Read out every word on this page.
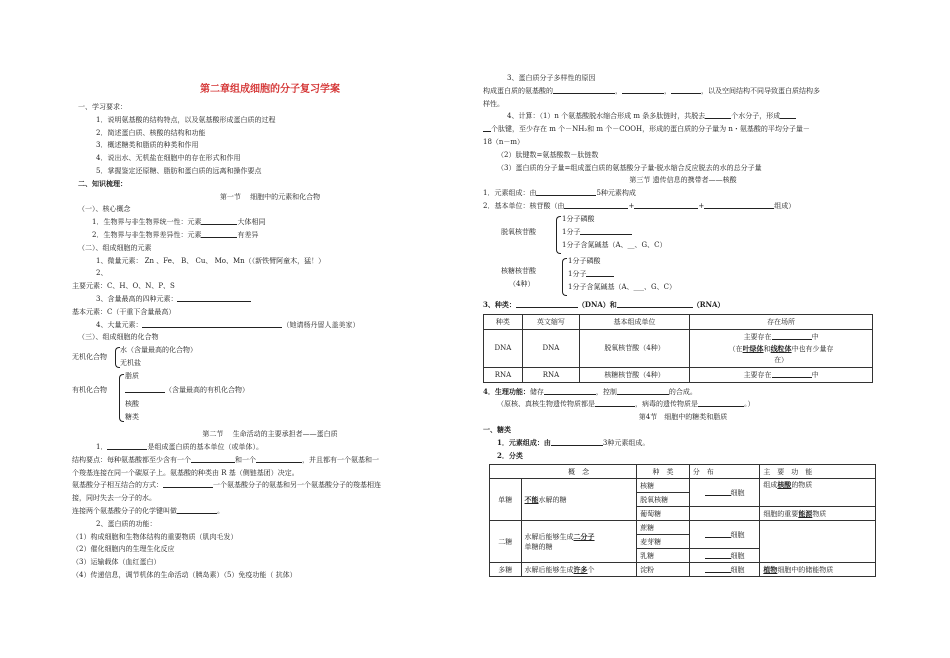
第二章组成细胞的分子复习学案
一、学习要求：
1．说明氨基酸的结构特点，以及氨基酸形成蛋白质的过程
2．简述蛋白质、核酸的结构和功能
3．概述糖类和脂质的种类和作用
4．说出水、无机盐在细胞中的存在形式和作用
5．掌握鉴定还原糖、脂肪和蛋白质的远离和操作要点
二、知识梳理：
第一节　 细胞中的元素和化合物
（一）、核心概念
1．生物界与非生物界统一性：元素	大体相同
2．生物界与非生物界差异性：元素	有差异
（二）、组成细胞的元素
1、微量元素： Zn 、Fe、 B、 Cu、 Mo、Mn（（新铁臂阿童木，猛！）
2、
主要元素：C、H、O、N、P、S
3、含量最高的四种元素：
基本元素：C（干重下含量最高）
4、大量元素：	（她请杨丹留人盖美家）
（三）、组成细胞的化合物
水（含量最高的化合物）
无机化合物
无机盐
脂质
有机化合物	（含量最高的有机化合物）
核酸
糖类
第二节　 生命活动的主要承担者——蛋白质
1．	是组成蛋白质的基本单位（或单体）。
结构要点：每种氨基酸都至少含有一个	和一个	，并且都有一个氨基和一
个羧基连接在同一个碳原子上。氨基酸的种类由 R 基（侧链基团）决定。
氨基酸分子相互结合的方式：	一个氨基酸分子的氨基和另一个氨基酸分子的羧基相连
接，同时失去一分子的水。
连接两个氨基酸分子的化学键叫做	。
2、蛋白质的功能：
（1）构成细胞和生物体结构的重要物质（肌肉毛发）
（2）催化细胞内的生理生化反应
（3）运输载体（血红蛋白）
（4）传递信息，调节机体的生命活动（胰岛素）（5）免疫功能（ 抗体）
3、蛋白质分子多样性的原因
构成蛋白质的氨基酸的	，	，	，以及空间结构不同导致蛋白质结构多
样性。
4、计算：（1）n 个氨基酸脱水缩合形成 m 条多肽链时，共脱去	个水分子，形成
个肽键，至少存在 m 个－NH₂和 m 个－COOH，形成的蛋白质的分子量为 n・氨基酸的平均分子量－
18（n－m）
（2）肽键数=氨基酸数－肽链数
（3）蛋白质的分子量=组成蛋白质的氨基酸分子量-脱水缩合反应脱去的水的总分子量
第三节 遗传信息的携带者——核酸
1．元素组成：由	5种元素构成
2．基本单位：核苷酸（由	+	+	组成）
1分子磷酸
脱氧核苷酸	1分子
1分子含氮碱基（A、__、G、C）
1分子磷酸
核糖核苷酸	1分子
（4种）	1分子含氮碱基（A、___、G、C）
3、种类：	（DNA）和	（RNA）
种类	英文缩写	基本组成单位	存在场所
DNA	DNA	脱氧核苷酸（4种）	主要存在 中
（在叶绿体和线粒体中也有少量存
在）
RNA	RNA	核糖核苷酸（4种）	主要存在 中
4．生理功能：储存	，控制	的合成。
（原核、真核生物遗传物质都是	，病毒的遗传物质是	。）
第4节　细胞中的糖类和脂质
一、糖类
1．元素组成：由	3种元素组成。
2．分类
	概　念	种　类	分　布	主　要　功　能
单糖	不能水解的糖	核糖	细胞	组成核酸的物质
		脱氧核糖		
		葡萄糖		细胞的重要能源物质
二糖	水解后能够生成二分子
单糖的糖	蔗糖	细胞	
		麦芽糖		
		乳糖	细胞	
多糖	水解后能够生成许多个	淀粉	细胞	植物细胞中的储能物质
